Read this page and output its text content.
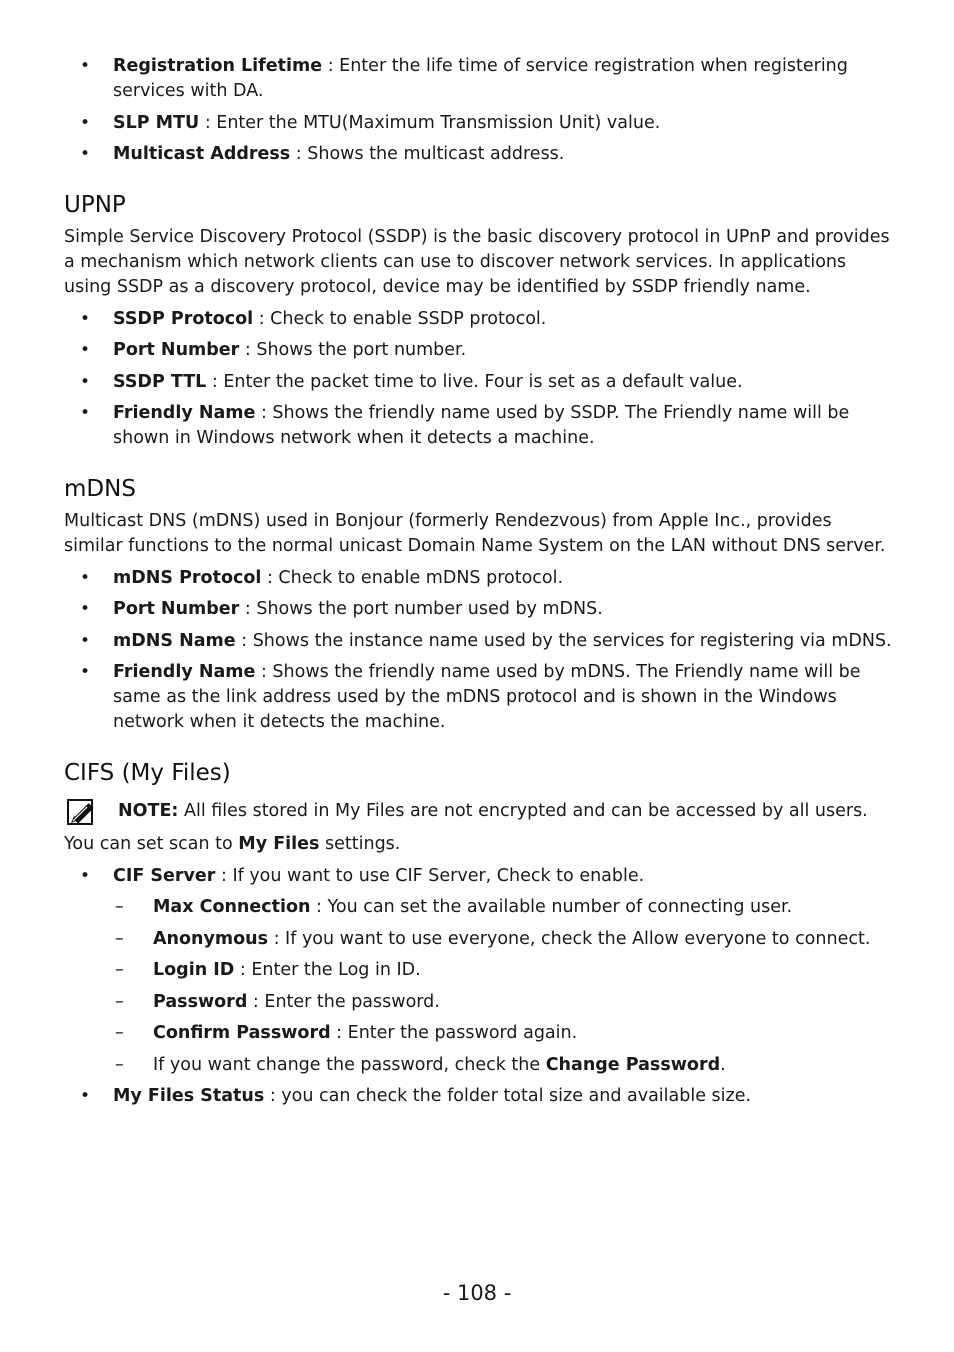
• Registration Lifetime : Enter the life time of service registration when registering services with DA.
• SLP MTU : Enter the MTU(Maximum Transmission Unit) value.
• Multicast Address : Shows the multicast address.
UPNP

Simple Service Discovery Protocol (SSDP) is the basic discovery protocol in UPnP and provides a mechanism which network clients can use to discover network services. In applications using SSDP as a discovery protocol, device may be identified by SSDP friendly name.

• SSDP Protocol : Check to enable SSDP protocol.
• Port Number : Shows the port number.
• SSDP TTL : Enter the packet time to live. Four is set as a default value.
• Friendly Name : Shows the friendly name used by SSDP. The Friendly name will be shown in Windows network when it detects a machine.
mDNS

Multicast DNS (mDNS) used in Bonjour (formerly Rendezvous) from Apple Inc., provides similar functions to the normal unicast Domain Name System on the LAN without DNS server.

• mDNS Protocol : Check to enable mDNS protocol.
• Port Number : Shows the port number used by mDNS.
• mDNS Name : Shows the instance name used by the services for registering via mDNS.
• Friendly Name : Shows the friendly name used by mDNS. The Friendly name will be same as the link address used by the mDNS protocol and is shown in the Windows network when it detects the machine.
CIFS (My Files)
NOTE: All files stored in My Files are not encrypted and can be accessed by all users.

You can set scan to My Files settings.

• CIF Server : If you want to use CIF Server, Check to enable.
– Max Connection : You can set the available number of connecting user.
– Anonymous : If you want to use everyone, check the Allow everyone to connect.
– Login ID : Enter the Log in ID.
– Password : Enter the password.
– Confirm Password : Enter the password again.
– If you want change the password, check the Change Password.
• My Files Status : you can check the folder total size and available size.
- 108 -
